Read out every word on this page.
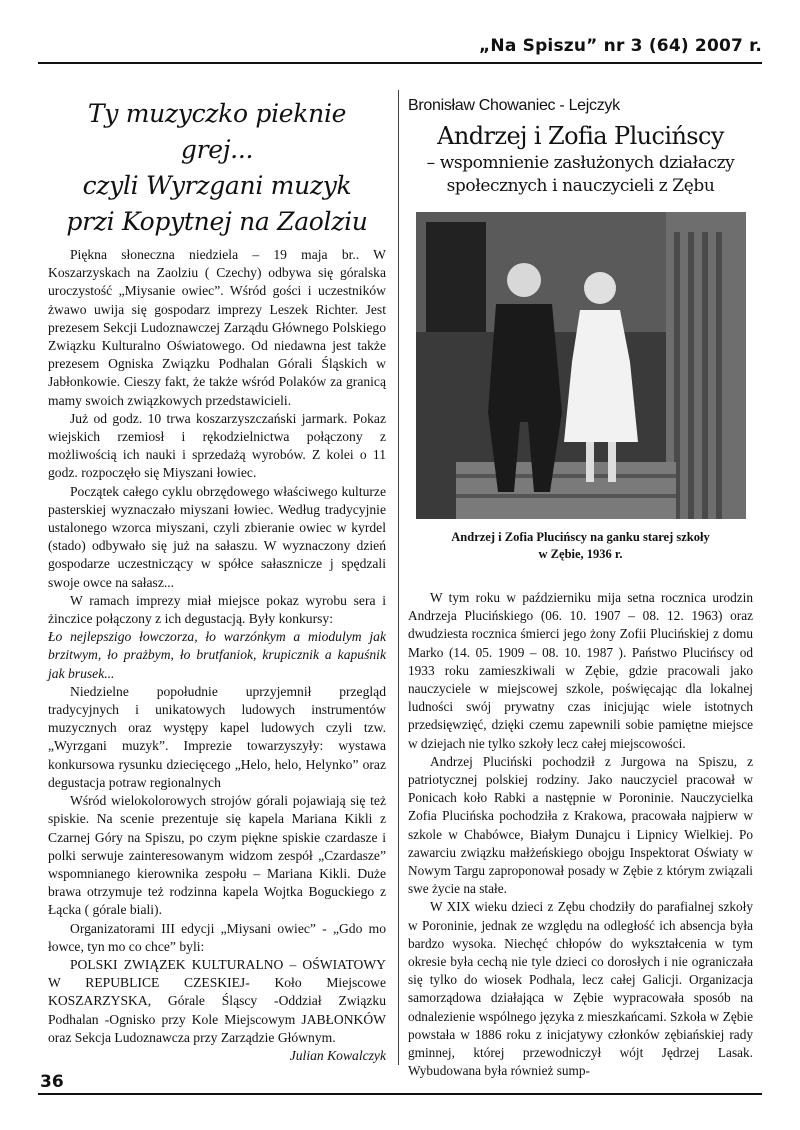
„Na Spiszu” nr 3 (64) 2007 r.
Ty muzyczko pieknie grej...
czyli Wyrzgani muzyk
przi Kopytnej na Zaolziu

Piękna słoneczna niedziela – 19 maja br.. W Koszarzyskach na Zaolziu ( Czechy) odbywa się góralska uroczystość „Miysanie owiec”. Wśród gości i uczestników żwawo uwija się gospodarz imprezy Leszek Richter. Jest prezesem Sekcji Ludoznawczej Zarządu Głównego Polskiego Związku Kulturalno Oświatowego. Od niedawna jest także prezesem Ogniska Związku Podhalan Górali Śląskich w Jabłonkowie. Cieszy fakt, że także wśród Polaków za granicą mamy swoich związkowych przedstawicieli.

Już od godz. 10 trwa koszarzyszczański jarmark. Pokaz wiejskich rzemiosł i rękodzielnictwa połączony z możliwością ich nauki i sprzedażą wyrobów. Z kolei o 11 godz. rozpoczęło się Miyszani łowiec.

Początek całego cyklu obrzędowego właściwego kulturze pasterskiej wyznaczało miyszani łowiec. Według tradycyjnie ustalonego wzorca miyszani, czyli zbieranie owiec w kyrdel (stado) odbywało się już na sałaszu. W wyznaczony dzień gospodarze uczestniczący w spółce sałasznicze j spędzali swoje owce na sałasz...

W ramach imprezy miał miejsce pokaz wyrobu sera i żinczice połączony z ich degustacją. Były konkursy:

Ło nejlepszigo łowczorza, ło warzónkym a miodulym jak brzitwym, ło prażbym, ło brutfaniok, krupicznik a kapuśnik jak brusek...

Niedzielne popołudnie uprzyjemnił przegląd tradycyjnych i unikatowych ludowych instrumentów muzycznych oraz występy kapel ludowych czyli tzw. „Wyrzgani muzyk”. Imprezie towarzyszyły: wystawa konkursowa rysunku dziecięcego „Helo, helo, Helynko” oraz degustacja potraw regionalnych

Wśród wielokolorowych strojów górali pojawiają się też spiskie. Na scenie prezentuje się kapela Mariana Kikli z Czarnej Góry na Spiszu, po czym piękne spiskie czardasze i polki serwuje zainteresowanym widzom zespół „Czardasze” wspomnianego kierownika zespołu – Mariana Kikli. Duże brawa otrzymuje też rodzinna kapela Wojtka Boguckiego z Łącka ( górale biali).

Organizatorami III edycji „Miysani owiec” - „Gdo mo łowce, tyn mo co chce” byli:

POLSKI ZWIĄZEK KULTURALNO – OŚWIATOWY W REPUBLICE CZESKIEJ- Koło Miejscowe KOSZARZYSKA, Górale Śląscy -Oddział Związku Podhalan -Ognisko przy Kole Miejscowym JABŁONKÓW oraz Sekcja Ludoznawcza przy Zarządzie Głównym.

Julian Kowalczyk

Bronisław Chowaniec - Lejczyk

Andrzej i Zofia Plucińscy

– wspomnienie zasłużonych działaczy
społecznych i nauczycieli z Zębu

Andrzej i Zofia Plucińscy na ganku starej szkoły
w Zębie, 1936 r.

W tym roku w październiku mija setna rocznica urodzin Andrzeja Plucińskiego (06. 10. 1907 – 08. 12. 1963) oraz dwudziesta rocznica śmierci jego żony Zofii Plucińskiej z domu Marko (14. 05. 1909 – 08. 10. 1987 ). Państwo Plucińscy od 1933 roku zamieszkiwali w Zębie, gdzie pracowali jako nauczyciele w miejscowej szkole, poświęcając dla lokalnej ludności swój prywatny czas inicjując wiele istotnych przedsięwzięć, dzięki czemu zapewnili sobie pamiętne miejsce w dziejach nie tylko szkoły lecz całej miejscowości.

Andrzej Pluciński pochodził z Jurgowa na Spiszu, z patriotycznej polskiej rodziny. Jako nauczyciel pracował w Ponicach koło Rabki a następnie w Poroninie. Nauczycielka Zofia Plucińska pochodziła z Krakowa, pracowała najpierw w szkole w Chabówce, Białym Dunajcu i Lipnicy Wielkiej. Po zawarciu związku małżeńskiego obojgu Inspektorat Oświaty w Nowym Targu zaproponował posady w Zębie z którym związali swe życie na stałe.

W XIX wieku dzieci z Zębu chodziły do parafialnej szkoły w Poroninie, jednak ze względu na odległość ich absencja była bardzo wysoka. Niechęć chłopów do wykształcenia w tym okresie była cechą nie tyle dzieci co dorosłych i nie ograniczała się tylko do wiosek Podhala, lecz całej Galicji. Organizacja samorządowa działająca w Zębie wypracowała sposób na odnalezienie wspólnego języka z mieszkańcami. Szkoła w Zębie powstała w 1886 roku z inicjatywy członków zębiańskiej rady gminnej, której przewodniczył wójt Jędrzej Lasak. Wybudowana była również sump-

36
